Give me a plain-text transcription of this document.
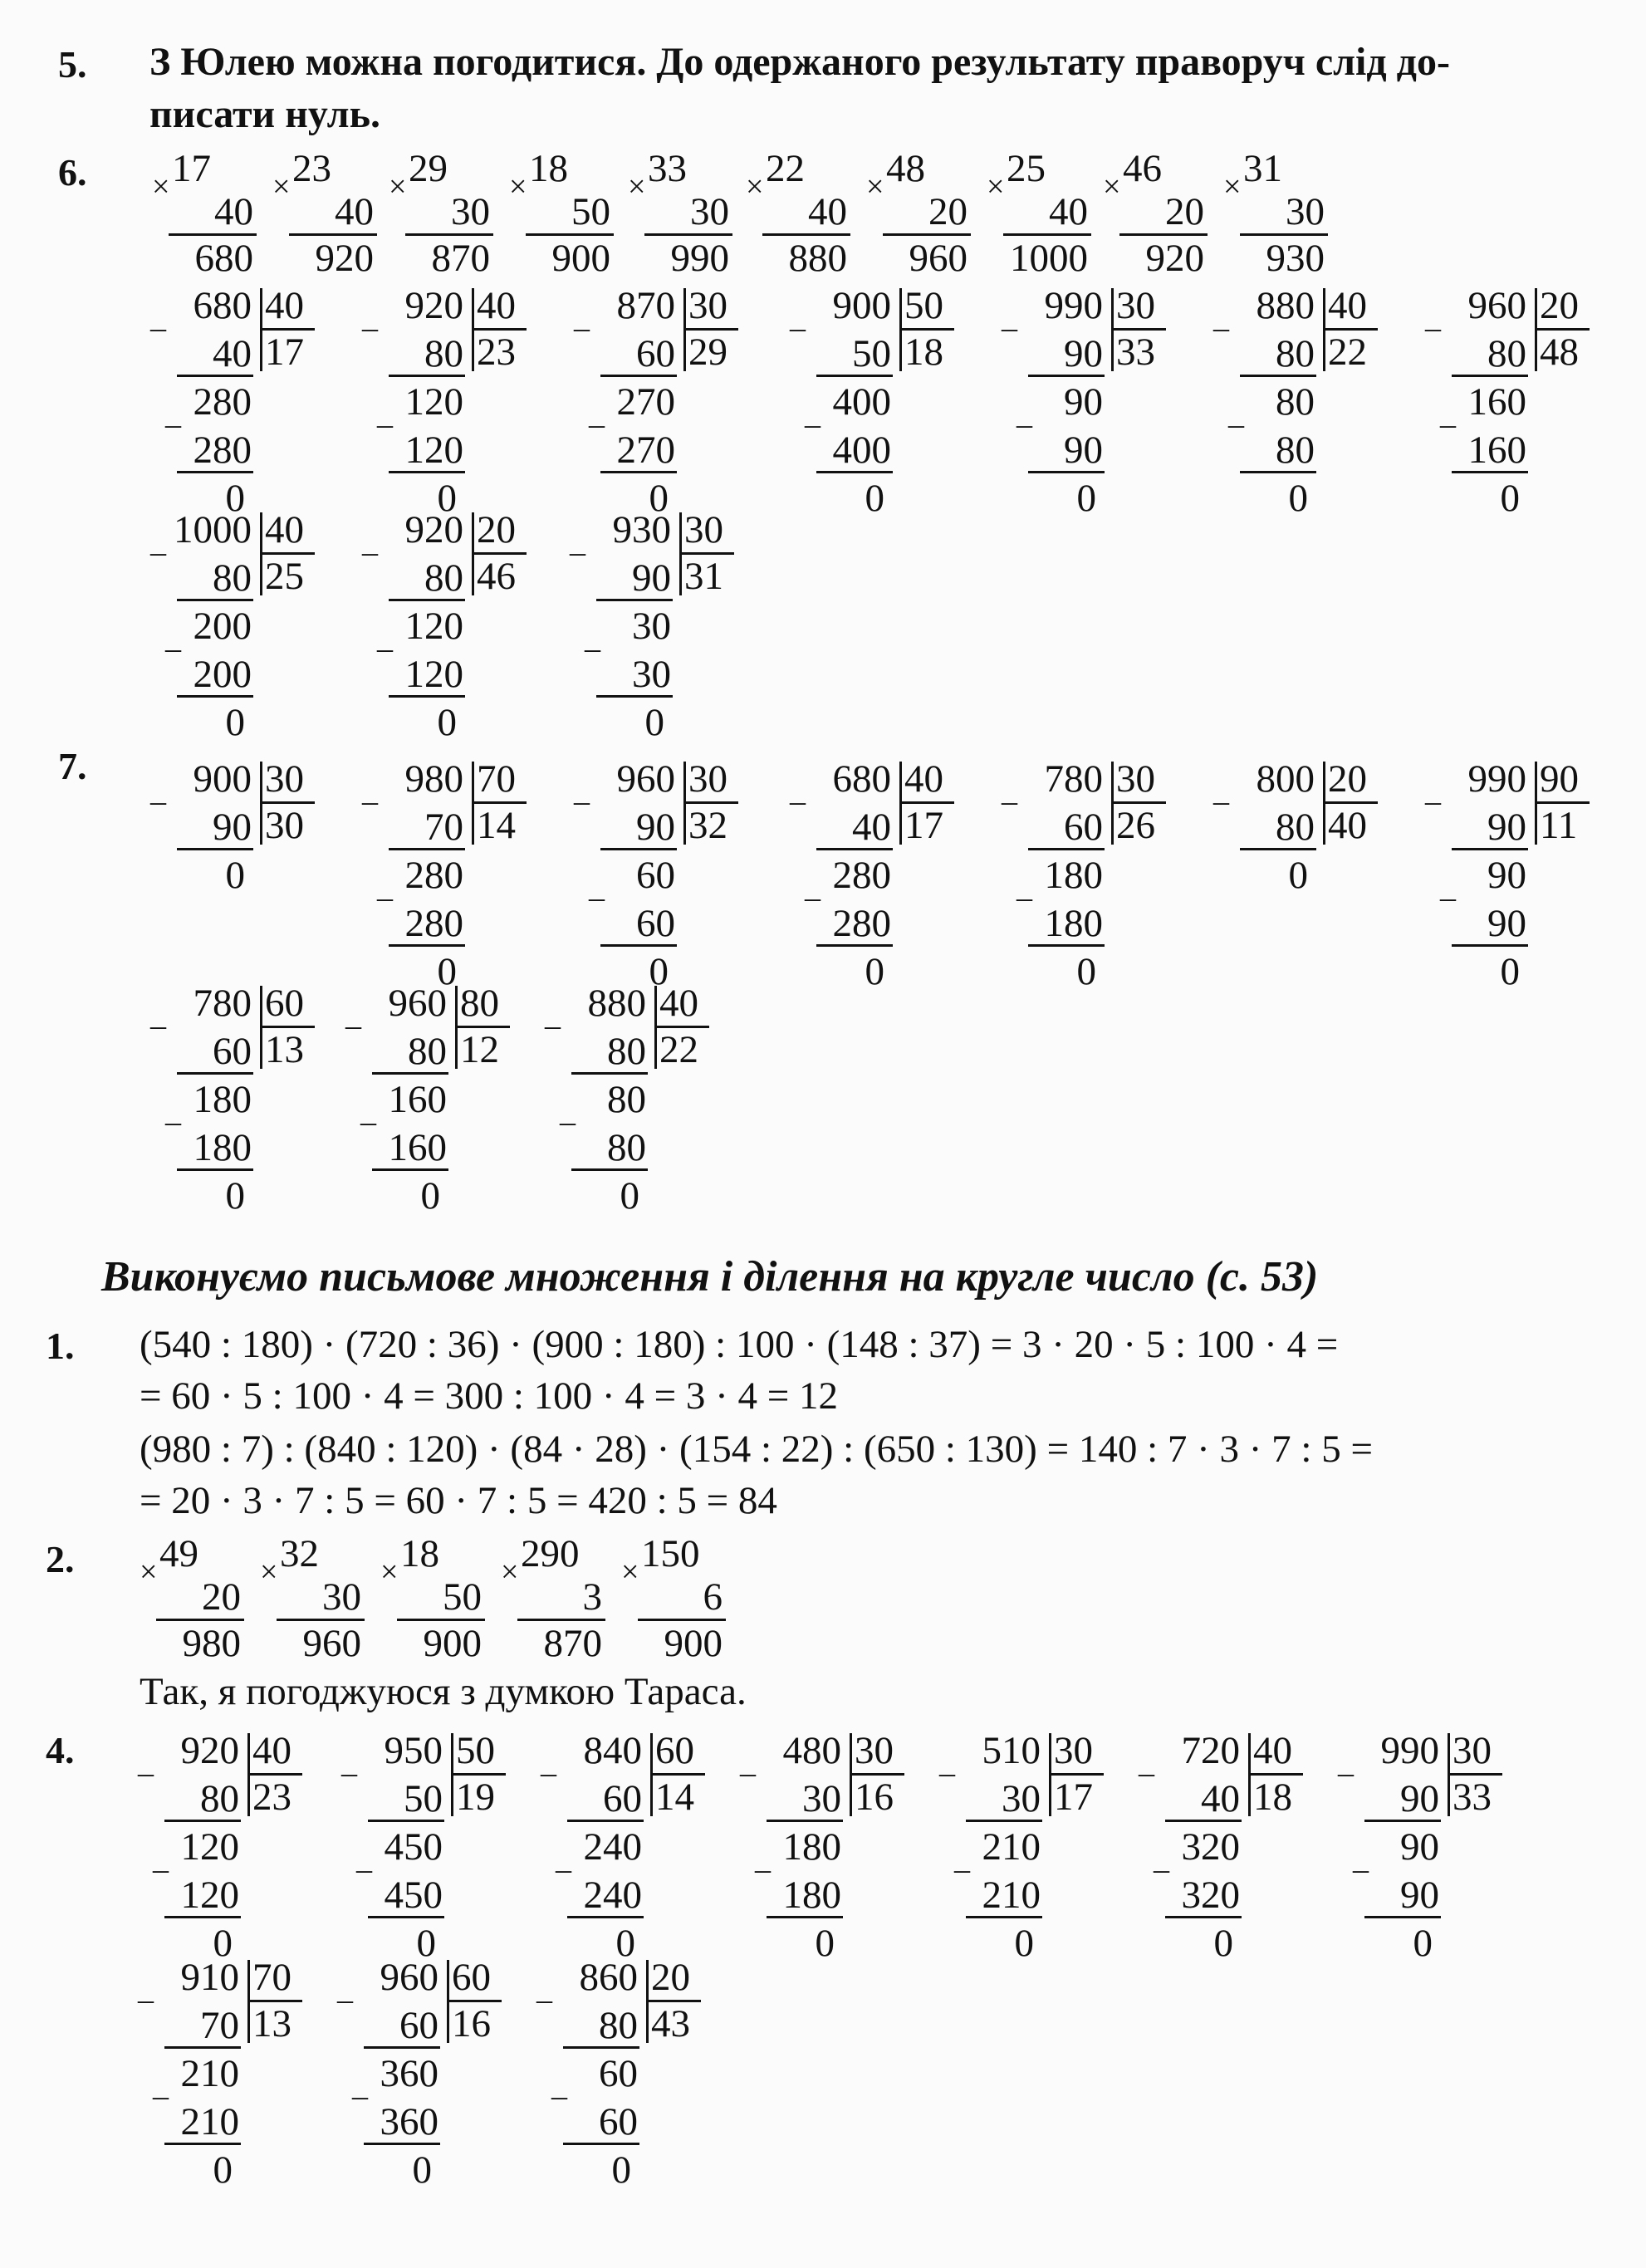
5. З Юлею можна погодитися. До одержаного результату праворуч слід до-
писати нуль.
6. × 17
40
680
× 23
40
920
× 29
30
870
× 18
50
900
× 33
30
990
× 22
40
880
× 48
20
960
× 25
40
1000
× 46
20
920
× 31
30
930
_ 680 40
17
40
_ 280
280
0
_ 920 40
23
80
_ 120
120
0
_ 870 30
29
60
_ 270
270
0
_ 900 50
18
50
_ 400
400
0
_ 990 30
33
90
_ 90
90
0
_ 880 40
22
80
_ 80
80
0
_ 960 20
48
80
_ 160
160
0
_ 1000 40
25
80
_ 200
200
0
_ 920 20
46
80
_ 120
120
0
_ 930 30
31
90
_ 30
30
0
7.
_ 900 30
30
90
0
_ 980 70
14
70
_ 280
280
0
_ 960 30
32
90
_ 60
60
0
_ 680 40
17
40
_ 280
280
0
_ 780 30
26
60
_ 180
180
0
_ 800 20
40
80
0
_ 990 90
11
90
_ 90
90
0
_ 780 60
13
60
_ 180
180
0
_ 960 80
12
80
_ 160
160
0
_ 880 40
22
80
_ 80
80
0
Виконуємо письмове множення і ділення на кругле число (с. 53)
1. (540 : 180) · (720 : 36) · (900 : 180) : 100 · (148 : 37) = 3 · 20 · 5 : 100 · 4 =
= 60 · 5 : 100 · 4 = 300 : 100 · 4 = 3 · 4 = 12
(980 : 7) : (840 : 120) · (84 · 28) · (154 : 22) : (650 : 130) = 140 : 7 · 3 · 7 : 5 =
= 20 · 3 · 7 : 5 = 60 · 7 : 5 = 420 : 5 = 84
2. × 49
20
980
× 32
30
960
× 18
50
900
× 290
3
870
× 150
6
900
Так, я погоджуюся з думкою Тараса.
4. _ 920 40
23
80
_ 120
120
0
_ 950 50
19
50
_ 450
450
0
_ 840 60
14
60
_ 240
240
0
_ 480 30
16
30
_ 180
180
0
_ 510 30
17
30
_ 210
210
0
_ 720 40
18
40
_ 320
320
0
_ 990 30
33
90
_ 90
90
0
_ 910 70
13
70
_ 210
210
0
_ 960 60
16
60
_ 360
360
0
_ 860 20
43
80
_ 60
60
0
